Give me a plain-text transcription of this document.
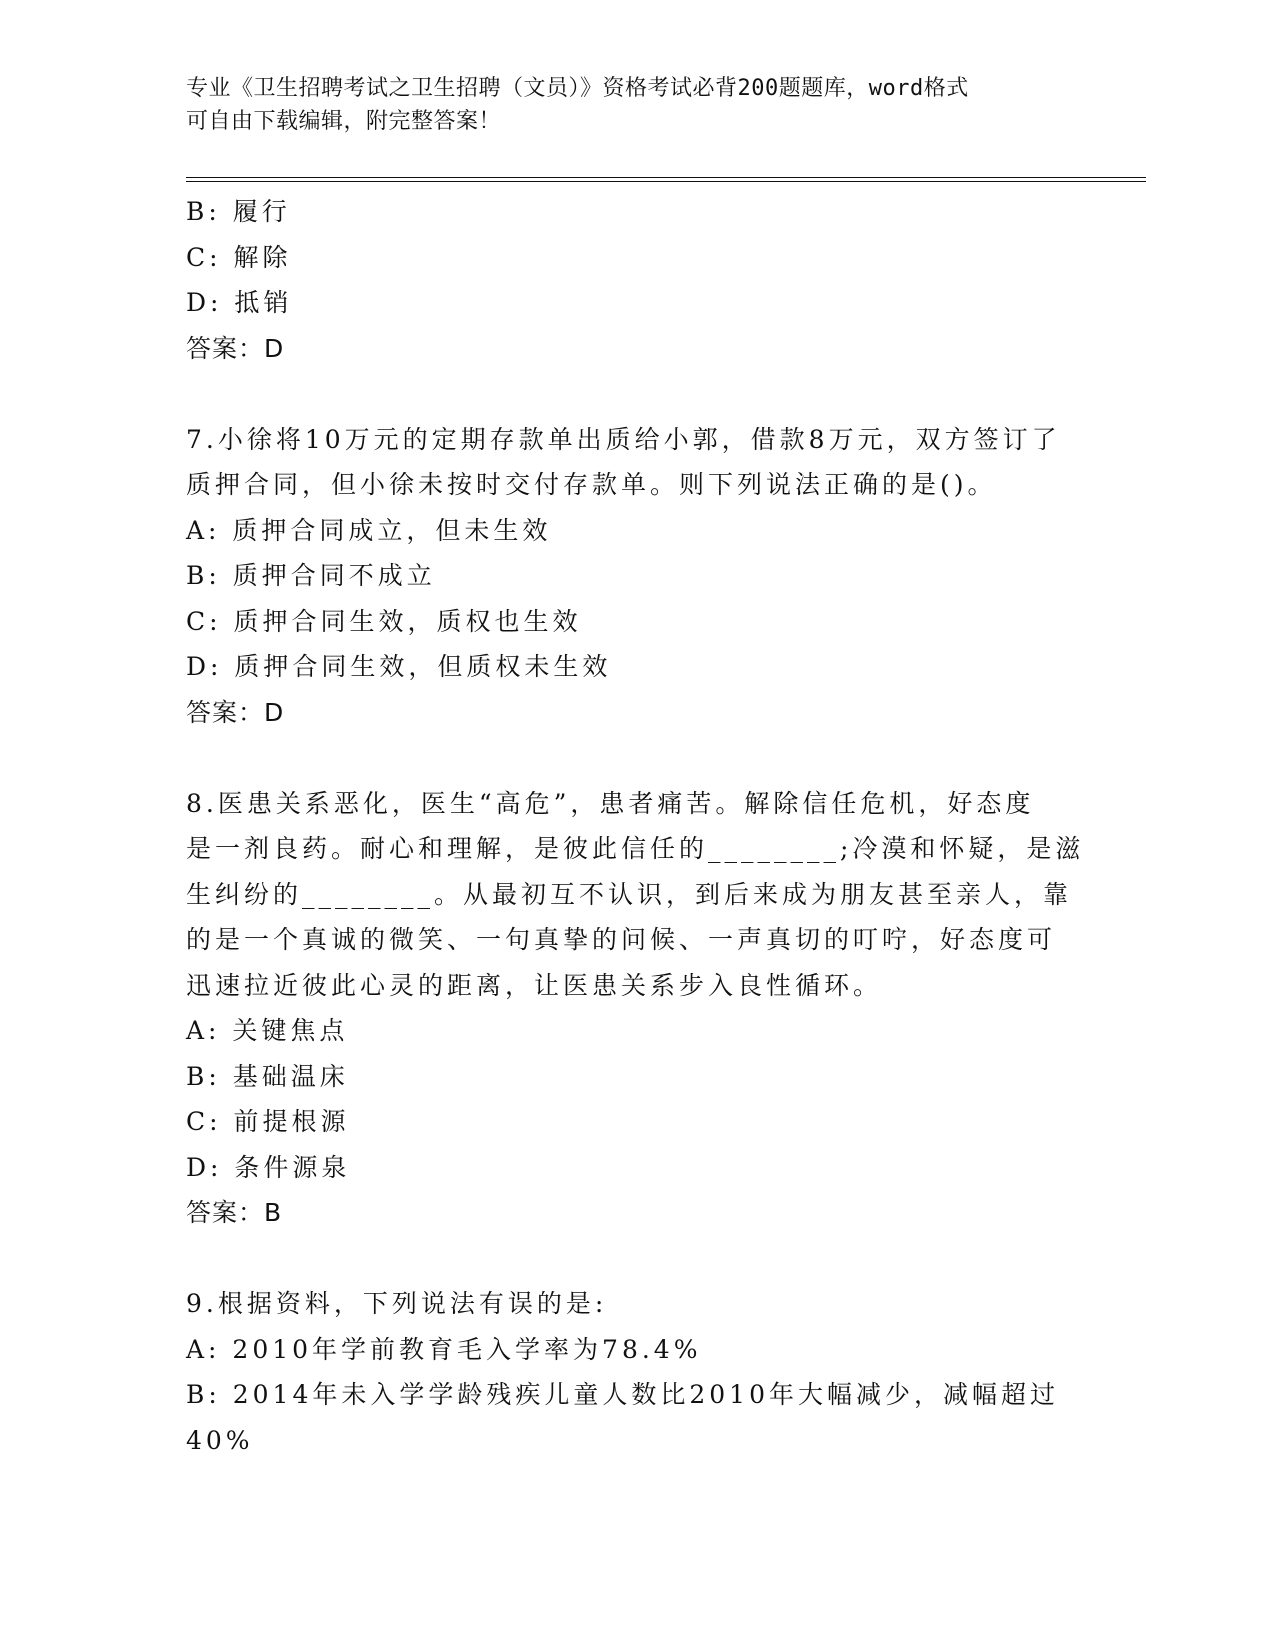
专业《卫生招聘考试之卫生招聘（文员）》资格考试必背200题题库，word格式
可自由下载编辑，附完整答案！
B: 履行
C: 解除
D: 抵销
答案：D
7.小徐将10万元的定期存款单出质给小郭，借款8万元，双方签订了
质押合同，但小徐未按时交付存款单。则下列说法正确的是()。
A: 质押合同成立，但未生效
B: 质押合同不成立
C: 质押合同生效，质权也生效
D: 质押合同生效，但质权未生效
答案：D
8.医患关系恶化，医生“高危”，患者痛苦。解除信任危机，好态度
是一剂良药。耐心和理解，是彼此信任的________;冷漠和怀疑，是滋
生纠纷的________。从最初互不认识，到后来成为朋友甚至亲人，靠
的是一个真诚的微笑、一句真挚的问候、一声真切的叮咛，好态度可
迅速拉近彼此心灵的距离，让医患关系步入良性循环。
A: 关键焦点
B: 基础温床
C: 前提根源
D: 条件源泉
答案：B
9.根据资料，下列说法有误的是:
A: 2010年学前教育毛入学率为78.4%
B: 2014年未入学学龄残疾儿童人数比2010年大幅减少，减幅超过
40%
